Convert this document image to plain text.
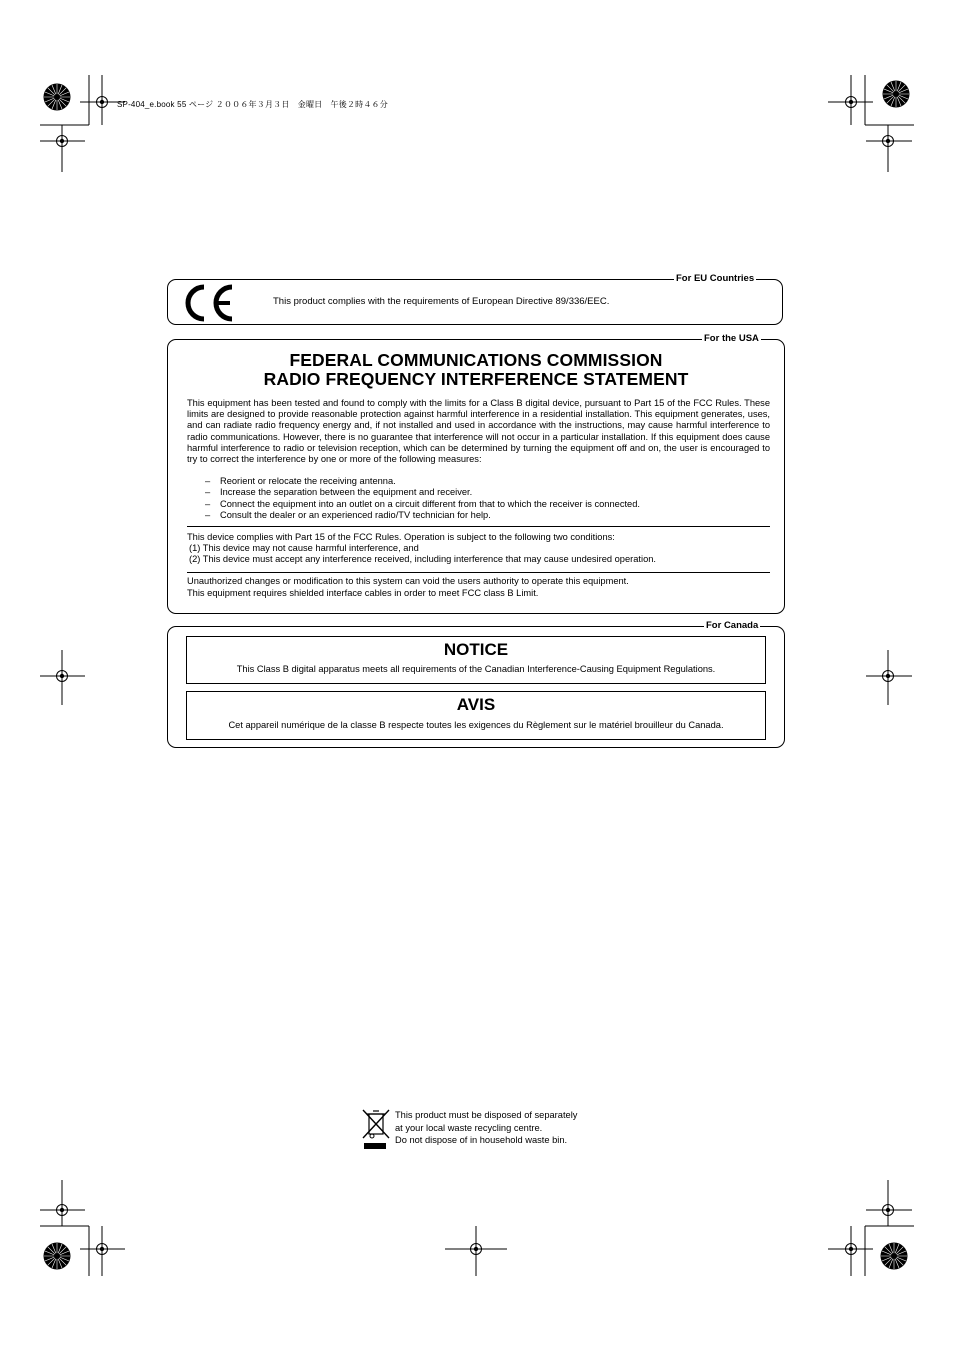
SP-404_e.book 55 ページ ２００６年３月３日　金曜日　午後２時４６分
For EU Countries
This product complies with the requirements of European Directive 89/336/EEC.
For the USA
FEDERAL COMMUNICATIONS COMMISSION
RADIO FREQUENCY INTERFERENCE STATEMENT
This equipment has been tested and found to comply with the limits for a Class B digital device, pursuant to Part 15 of the FCC Rules. These limits are designed to provide reasonable protection against harmful interference in a residential installation. This equipment generates, uses, and can radiate radio frequency energy and, if not installed and used in accordance with the instructions, may cause harmful interference to radio communications. However, there is no guarantee that interference will not occur in a particular installation. If this equipment does cause harmful interference to radio or television reception, which can be determined by turning the equipment off and on, the user is encouraged to try to correct the interference by one or more of the following measures:
– Reorient or relocate the receiving antenna.
– Increase the separation between the equipment and receiver.
– Connect the equipment into an outlet on a circuit different from that to which the receiver is connected.
– Consult the dealer or an experienced radio/TV technician for help.
This device complies with Part 15 of the FCC Rules. Operation is subject to the following two conditions:
(1) This device may not cause harmful interference, and
(2) This device must accept any interference received, including interference that may cause undesired operation.
Unauthorized changes or modification to this system can void the users authority to operate this equipment.
This equipment requires shielded interface cables in order to meet FCC class B Limit.
For Canada
NOTICE
This Class B digital apparatus meets all requirements of the Canadian Interference-Causing Equipment Regulations.
AVIS
Cet appareil numérique de la classe B respecte toutes les exigences du Règlement sur le matériel brouilleur du Canada.
This product must be disposed of separately
at your local waste recycling centre.
Do not dispose of in household waste bin.
